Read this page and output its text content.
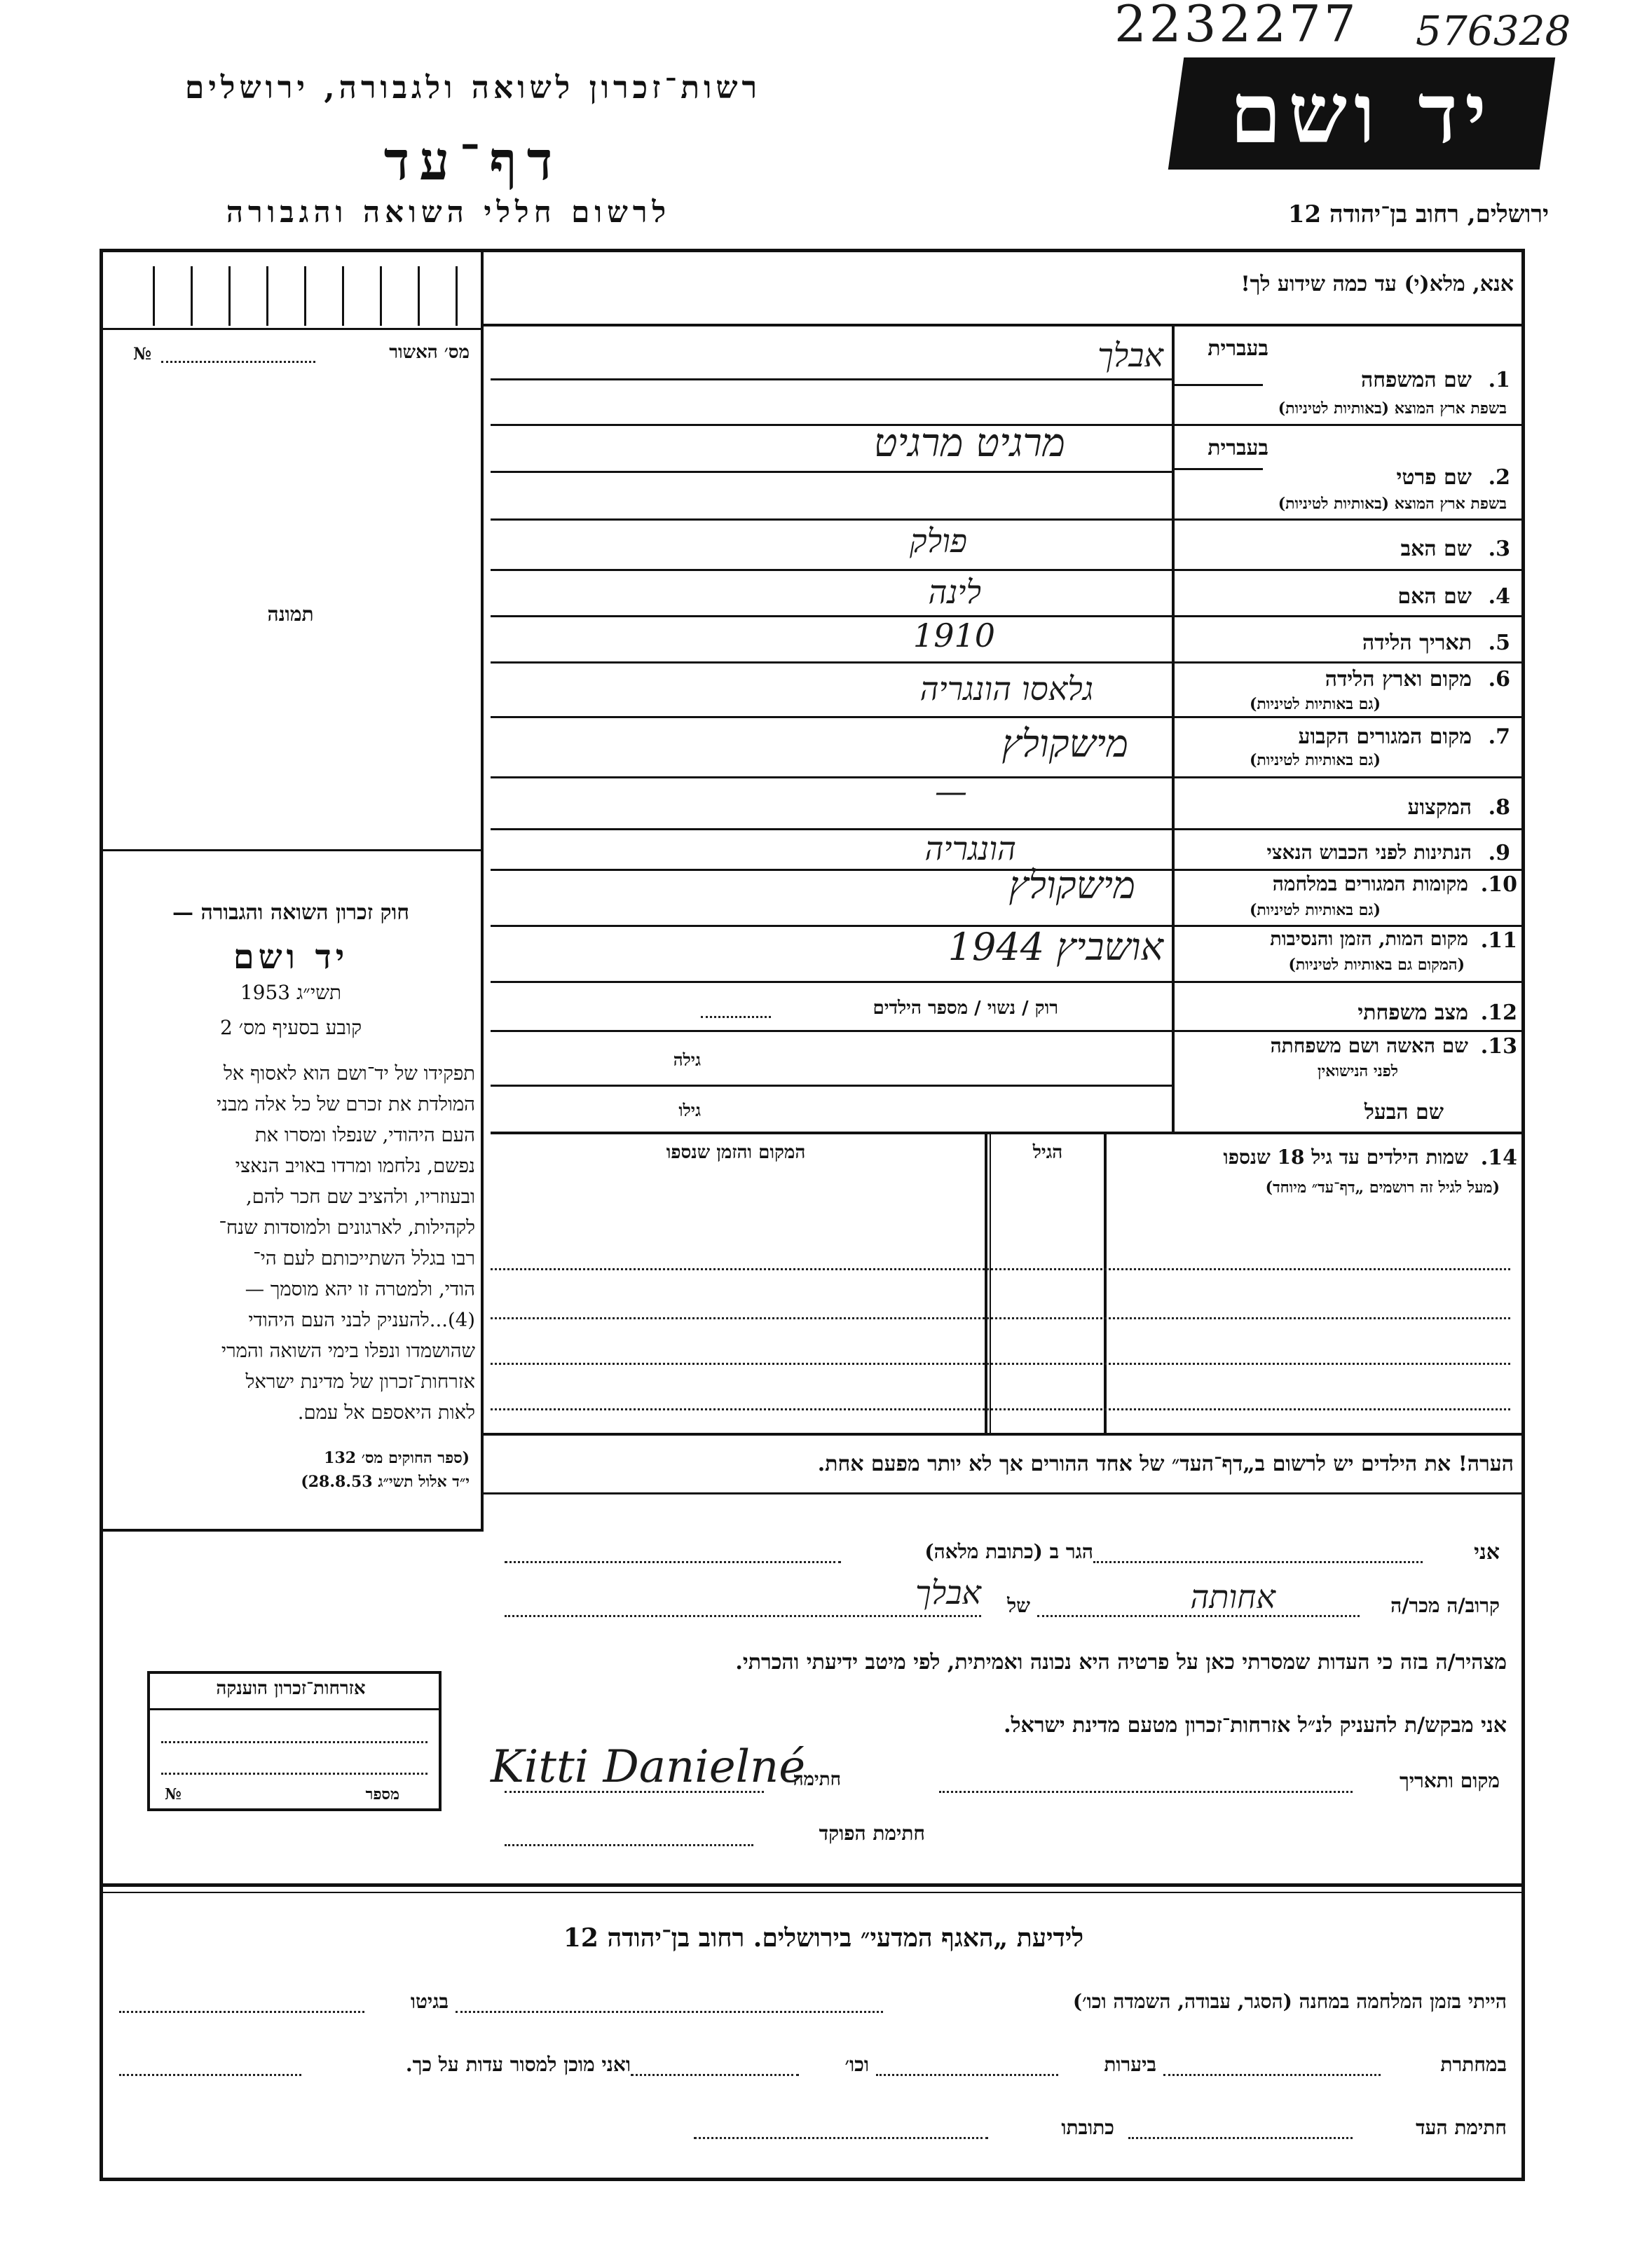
2232277 576328
רשות־זכרון לשואה ולגבורה, ירושלים
דף־עד
לרשום חללי השואה והגבורה
יד ושם
ירושלים, רחוב בן־יהודה 12
מס׳ האשור
№
תמונה
חוק זכרון השואה והגבורה —
יד ושם
תשי״ג 1953
קובע בסעיף מס׳ 2
תפקידו של יד־ושם הוא לאסוף אל
המולדת את זכרם של כל אלה מבני
העם היהודי, שנפלו ומסרו את
נפשם, נלחמו ומרדו באויב הנאצי
ובעוזריו, ולהציב שם חכר להם,
לקהילות, לארגונים ולמוסדות שנח־
רבו בגלל השתייכותם לעם הי־
הודי, ולמטרה זו יהא מוסמך —
(4)...להעניק לבני העם היהודי
שהושמדו ונפלו בימי השואה והמרי
אזרחות־זכרון של מדינת ישראל
לאות היאספם אל עמם.
(ספר החוקים מס׳ 132
י״ד אלול תשי״ג 28.8.53)
אנא, מלא(י) עד כמה שידוע לך!
בעברית
1.
שם המשפחה
בשפת ארץ המוצא (באותיות לטיניות)
אבלך
בעברית
2.
שם פרטי
בשפת ארץ המוצא (באותיות לטיניות)
מרגיט מרגיט
3.
שם האב
פולק
4.
שם האם
לינה
5.
תאריך הלידה
1910
6.
מקום וארץ הלידה
(גם באותיות לטיניות)
גלאסו הונגריה
7.
מקום המגורים הקבוע
(גם באותיות לטיניות)
מישקולץ
8.
המקצוע
—
9.
הנתינות לפני הכבוש הנאצי
הונגריה
10.
מקומות המגורים במלחמה
(גם באותיות לטיניות)
מישקולץ
11.
מקום המות, הזמן והנסיבות
(המקום גם באותיות לטיניות)
אושביץ 1944
12.
מצב משפחתי
רוק / נשוי / מספר הילדים
13.
שם האשה ושם משפחתה
לפני הנישואין
גילה
שם הבעל
גילו
14.
שמות הילדים עד גיל 18 שנספו
(מעל לגיל זה רושמים „דף־עד״ מיוחד)
הגיל
המקום והזמן שנספו
הערה! את הילדים יש לרשום ב„דף־העד״ של אחד ההורים אך לא יותר מפעם אחת.
אני
הגר ב (כתובת מלאה)
קרוב/ה מכר/ה
אחותה
של
אבלך
מצהיר/ה בזה כי העדות שמסרתי כאן על פרטיה היא נכונה ואמיתית, לפי מיטב ידיעתי והכרתי.
אני מבקש/ת להעניק לנ״ל אזרחות־זכרון מטעם מדינת ישראל.
מקום ותאריך
חתימה
Kitti Danielné
חתימת הפוקד
אזרחות־זכרון הוענקה
מספר
№
לידיעת „האגף המדעי״ בירושלים. רחוב בן־יהודה 12
הייתי בזמן המלחמה במחנה (הסגר, עבודה, השמדה וכו׳)
בגיטו
במחתרת
ביערות
וכו׳
ואני מוכן למסור עדות על כך.
חתימת העד
כתובתו
